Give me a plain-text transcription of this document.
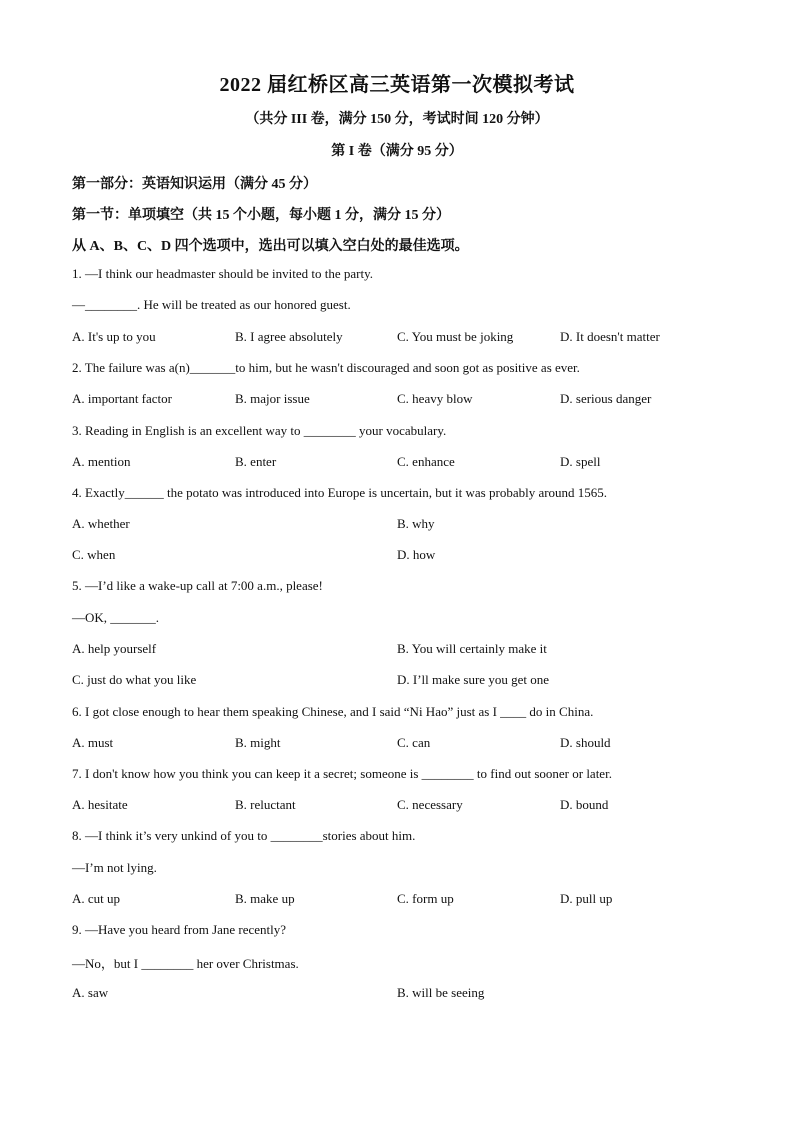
2022 届红桥区高三英语第一次模拟考试
（共分 III 卷，满分 150 分，考试时间 120 分钟）
第 I 卷（满分 95 分）
第一部分：英语知识运用（满分 45 分）
第一节：单项填空（共 15 个小题，每小题 1 分，满分 15 分）
从 A、B、C、D 四个选项中，选出可以填入空白处的最佳选项。
1. —I think our headmaster should be invited to the party.
—________. He will be treated as our honored guest.
A. It's up to you	B. I agree absolutely	C. You must be joking	D. It doesn't matter
2. The failure was a(n)_______to him, but he wasn't discouraged and soon got as positive as ever.
A. important factor	B. major issue	C. heavy blow	D. serious danger
3. Reading in English is an excellent way to ________ your vocabulary.
A. mention	B. enter	C. enhance	D. spell
4. Exactly______ the potato was introduced into Europe is uncertain, but it was probably around 1565.
A. whether	B. why
C. when	D. how
5. —I’d like a wake-up call at 7:00 a.m., please!
—OK, _______.
A. help yourself	B. You will certainly make it
C. just do what you like	D. I’ll make sure you get one
6. I got close enough to hear them speaking Chinese, and I said “Ni Hao” just as I ____ do in China.
A. must	B. might	C. can	D. should
7. I don't know how you think you can keep it a secret; someone is ________ to find out sooner or later.
A. hesitate	B. reluctant	C. necessary	D. bound
8. —I think it’s very unkind of you to ________stories about him.
—I’m not lying.
A. cut up	B. make up	C. form up	D. pull up
9. —Have you heard from Jane recently?
—No，but I ________ her over Christmas.
A. saw	B. will be seeing
